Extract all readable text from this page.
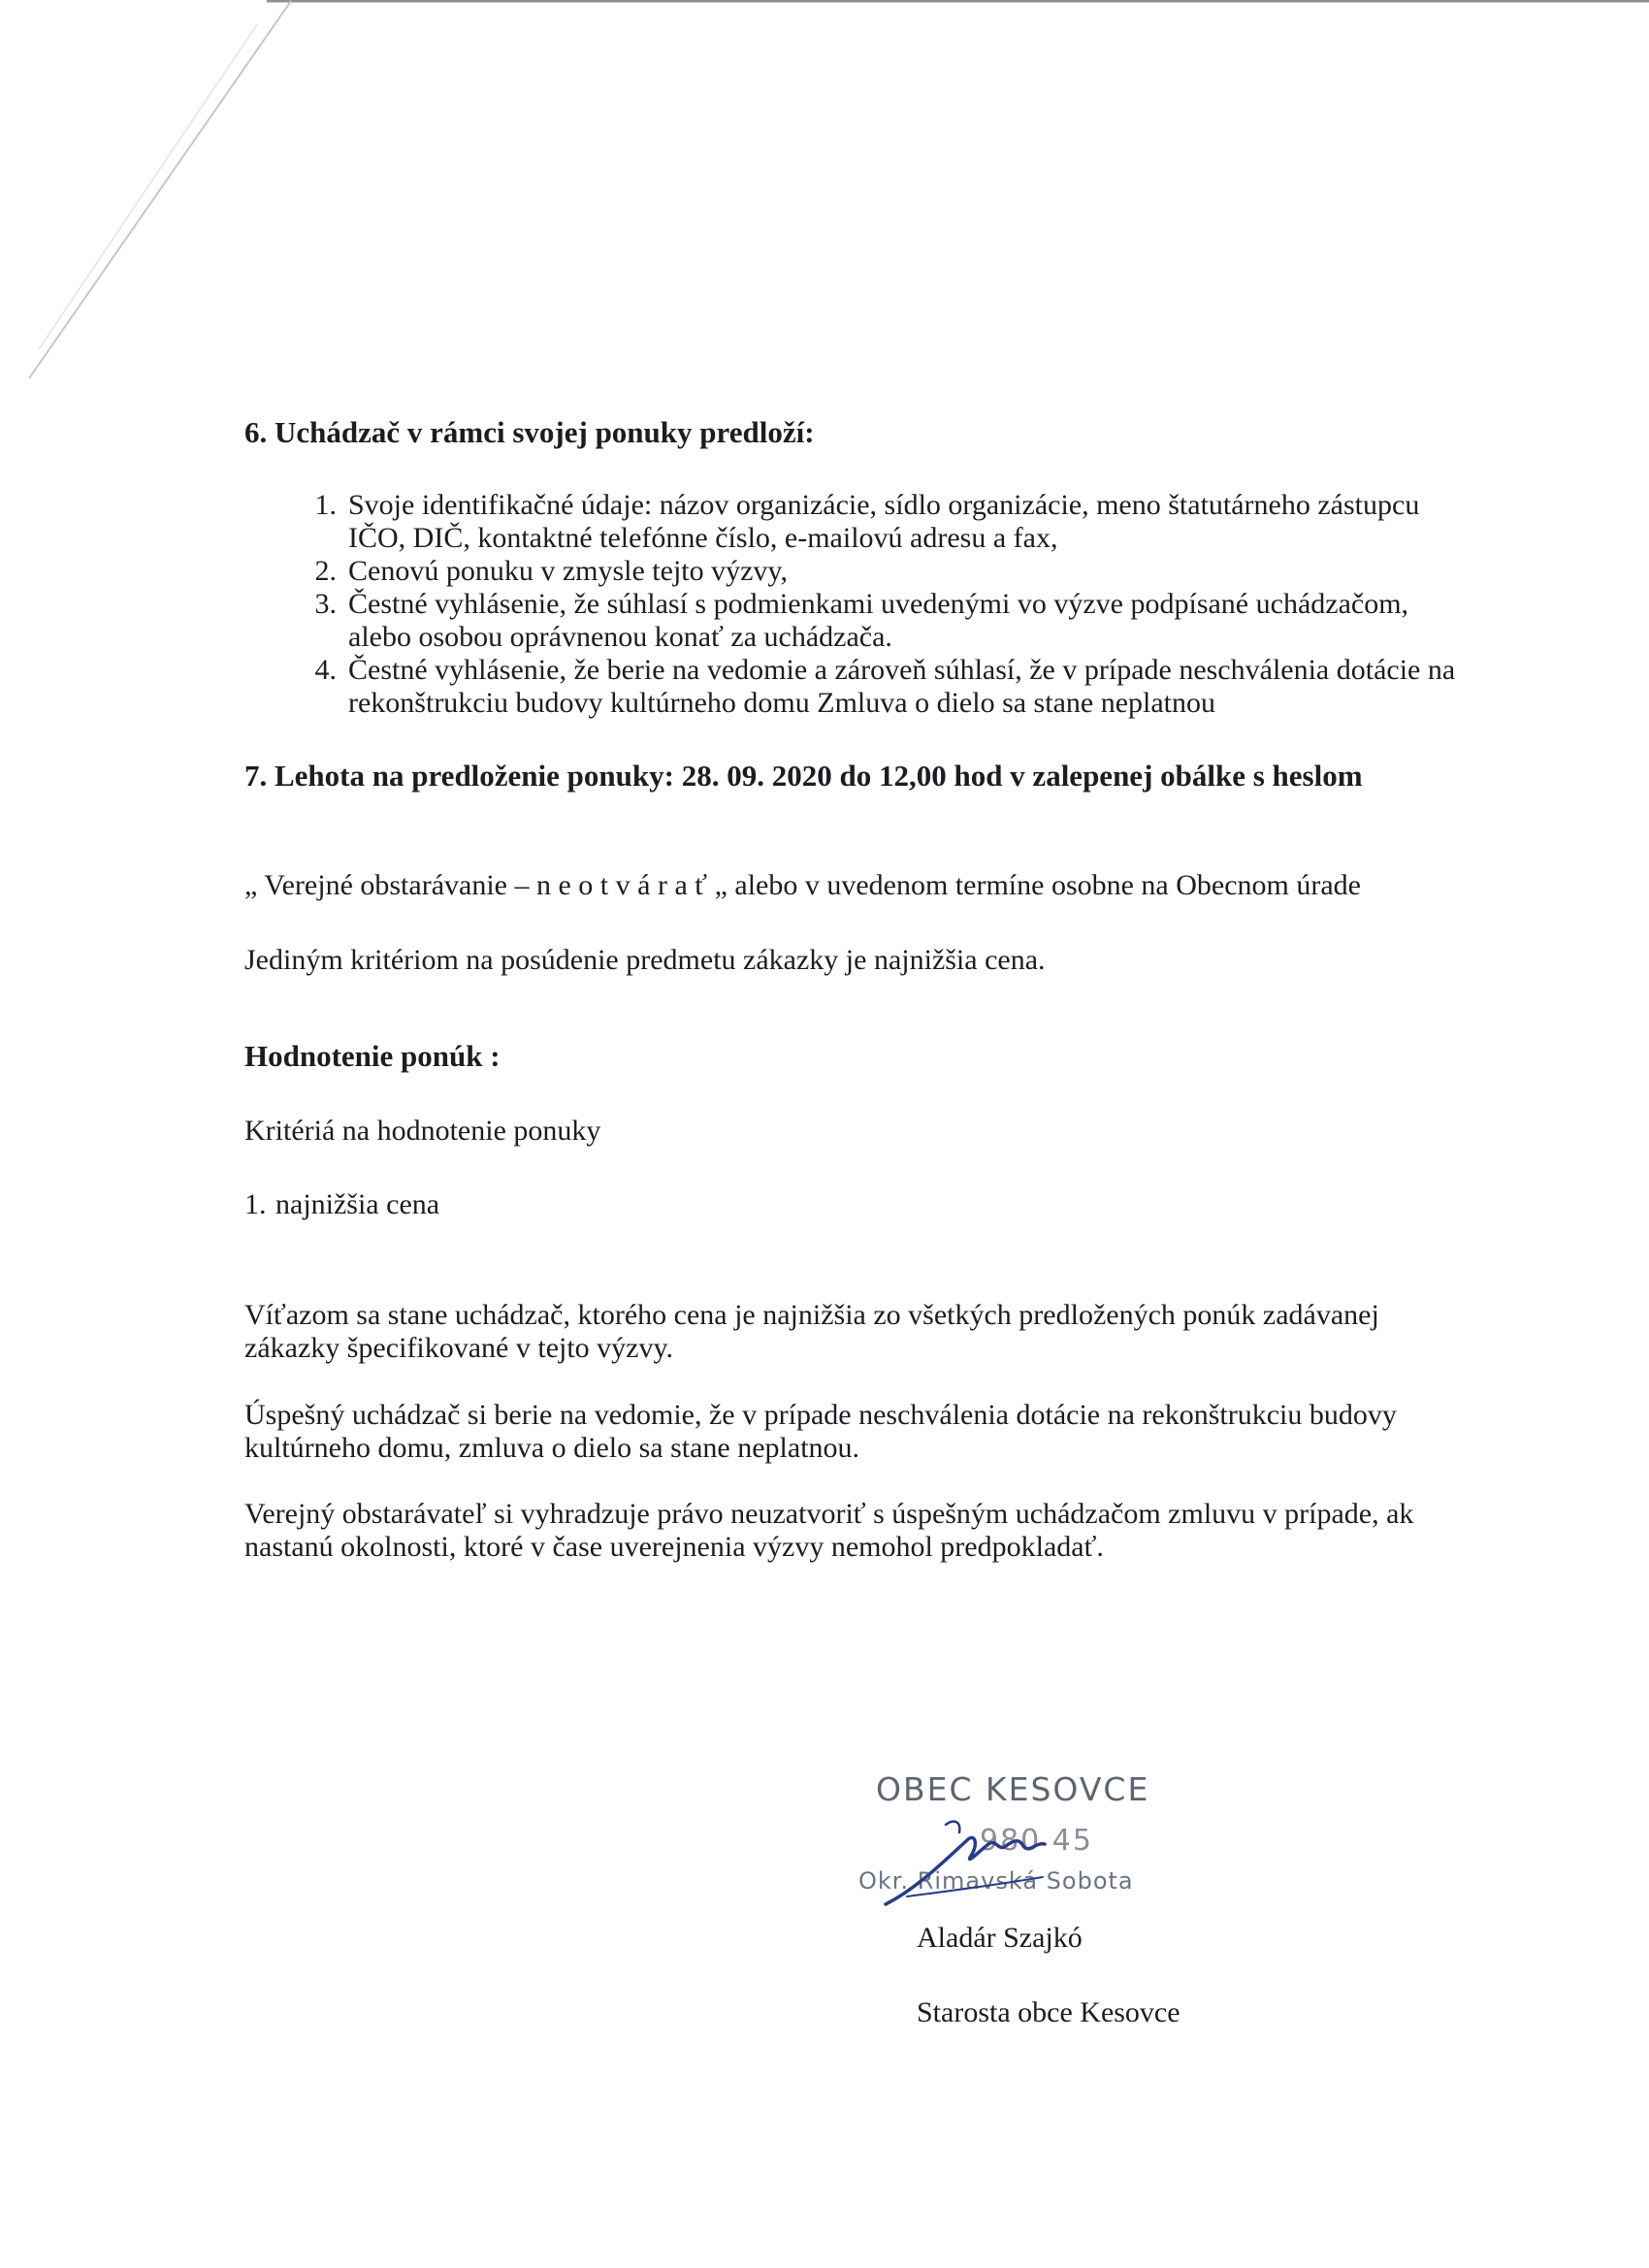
6. Uchádzač v rámci svojej ponuky predloží:

1. Svoje identifikačné údaje: názov organizácie, sídlo organizácie, meno štatutárneho zástupcu IČO, DIČ, kontaktné telefónne číslo, e-mailovú adresu a fax,
2. Cenovú ponuku v zmysle tejto výzvy,
3. Čestné vyhlásenie, že súhlasí s podmienkami uvedenými vo výzve podpísané uchádzačom, alebo osobou oprávnenou konať za uchádzača.
4. Čestné vyhlásenie, že berie na vedomie a zároveň súhlasí, že v prípade neschválenia dotácie na rekonštrukciu budovy kultúrneho domu Zmluva o dielo sa stane neplatnou

7. Lehota na predloženie ponuky: 28. 09. 2020 do 12,00 hod v zalepenej obálke s heslom

„ Verejné obstarávanie – n e o t v á r a ť „ alebo v uvedenom termíne osobne na Obecnom úrade

Jediným kritériom na posúdenie predmetu zákazky je najnižšia cena.

Hodnotenie ponúk :

Kritériá na hodnotenie ponuky

1. najnižšia cena

Víťazom sa stane uchádzač, ktorého cena je najnižšia zo všetkých predložených ponúk zadávanej zákazky špecifikované v tejto výzvy.

Úspešný uchádzač si berie na vedomie, že v prípade neschválenia dotácie na rekonštrukciu budovy kultúrneho domu, zmluva o dielo sa stane neplatnou.

Verejný obstarávateľ si vyhradzuje právo neuzatvoriť s úspešným uchádzačom zmluvu v prípade, ak nastanú okolnosti, ktoré v čase uverejnenia výzvy nemohol predpokladať.

OBEC KESOVCE
980 45
Okr. Rimavská Sobota

Aladár Szajkó

Starosta obce Kesovce
